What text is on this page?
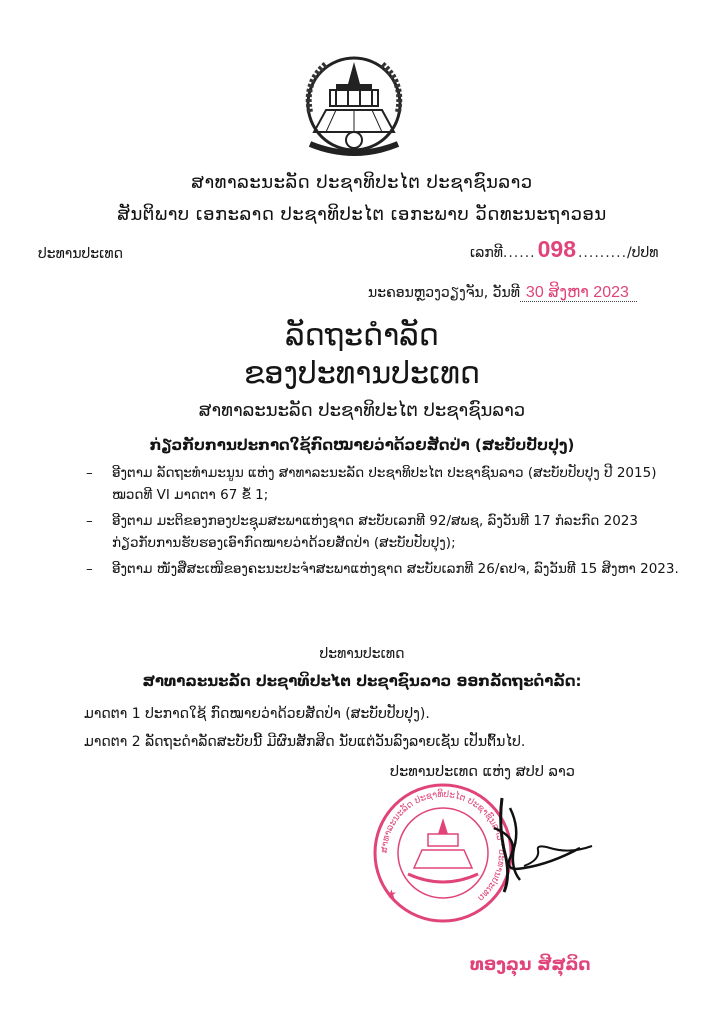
ສາທາລະນະລັດ ປະຊາທິປະໄຕ ປະຊາຊົນລາວ
ສັນຕິພາບ ເອກະລາດ ປະຊາທິປະໄຕ ເອກະພາບ ວັດທະນະຖາວອນ
ປະທານປະເທດ	ເລກທີ......098 ........./ປປທ
ນະຄອນຫຼວງວຽງຈັນ, ວັນທີ 30 ສິງຫາ 2023
ລັດຖະດຳລັດ
ຂອງປະທານປະເທດ
ສາທາລະນະລັດ ປະຊາທິປະໄຕ ປະຊາຊົນລາວ
ກ່ຽວກັບການປະກາດໃຊ້ກົດໝາຍວ່າດ້ວຍສັດປ່າ (ສະບັບປັບປຸງ)
– ອີງຕາມ ລັດຖະທຳມະນູນ ແຫ່ງ ສາທາລະນະລັດ ປະຊາທິປະໄຕ ປະຊາຊົນລາວ (ສະບັບປັບປຸງ ປີ 2015) ໝວດທີ VI ມາດຕາ 67 ຂໍ້ 1;
– ອີງຕາມ ມະຕິຂອງກອງປະຊຸມສະພາແຫ່ງຊາດ ສະບັບເລກທີ 92/ສພຊ, ລົງວັນທີ 17 ກໍລະກົດ 2023 ກ່ຽວກັບການຮັບຮອງເອົາກົດໝາຍວ່າດ້ວຍສັດປ່າ (ສະບັບປັບປຸງ);
– ອີງຕາມ ໜັງສືສະເໜີຂອງຄະນະປະຈຳສະພາແຫ່ງຊາດ ສະບັບເລກທີ 26/ຄປຈ, ລົງວັນທີ 15 ສິງຫາ 2023.
ປະທານປະເທດ
ສາທາລະນະລັດ ປະຊາທິປະໄຕ ປະຊາຊົນລາວ ອອກລັດຖະດຳລັດ:
ມາດຕາ 1 ປະກາດໃຊ້ ກົດໝາຍວ່າດ້ວຍສັດປ່າ (ສະບັບປັບປຸງ).
ມາດຕາ 2 ລັດຖະດຳລັດສະບັບນີ້ ມີຜົນສັກສິດ ນັບແຕ່ວັນລົງລາຍເຊັນ ເປັນຕົ້ນໄປ.
ປະທານປະເທດ ແຫ່ງ ສປປ ລາວ
ສາທາລະນະລັດ ປະຊາທິປະໄຕ ປະຊາຊົນລາວ · ປະທານປະເທດ
★
ທອງລຸນ ສີສຸລິດ
